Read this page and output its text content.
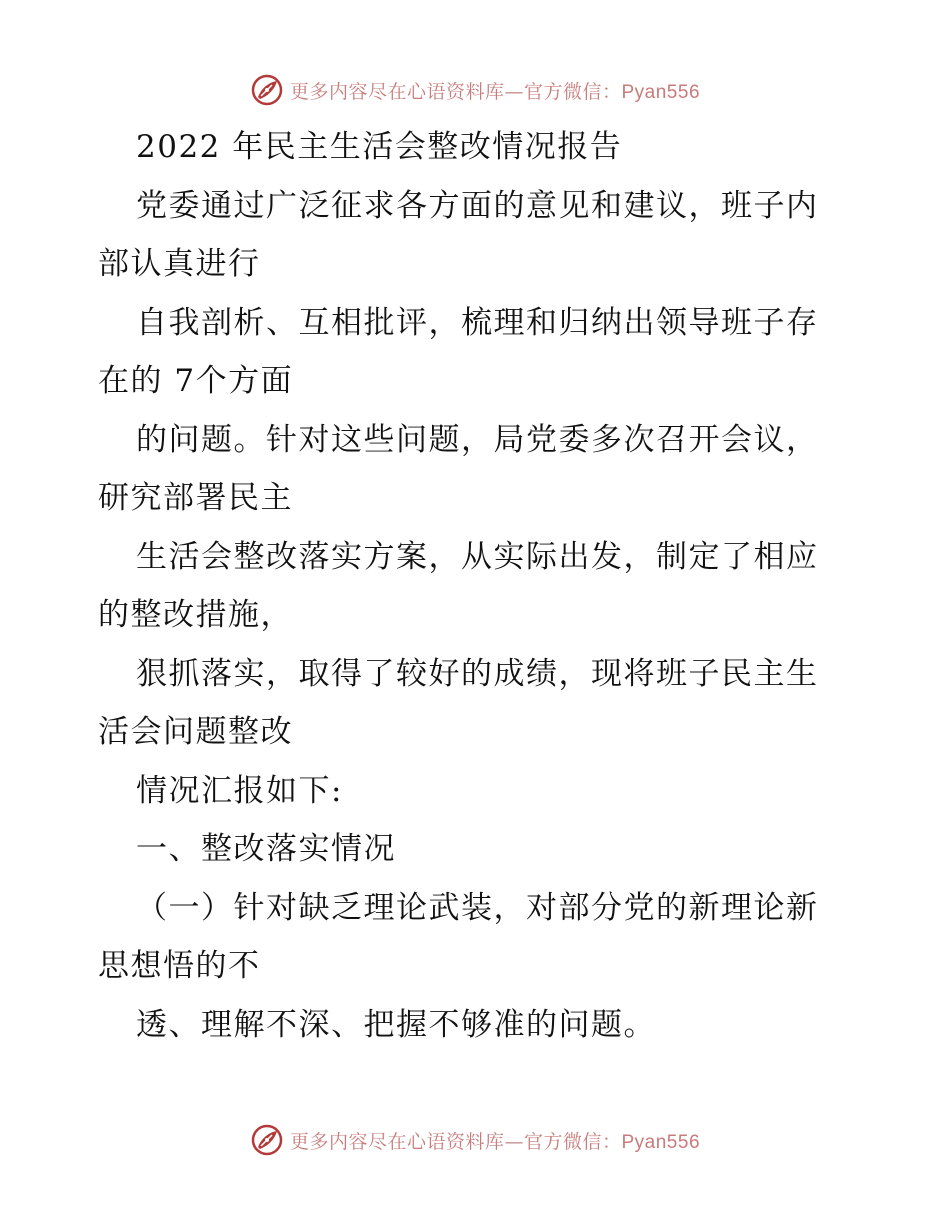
更多内容尽在心语资料库—官方微信：Pyan556
2022 年民主生活会整改情况报告
党委通过广泛征求各方面的意见和建议，班子内
部认真进行
自我剖析、互相批评，梳理和归纳出领导班子存
在的 7个方面
的问题。针对这些问题，局党委多次召开会议，
研究部署民主
生活会整改落实方案，从实际出发，制定了相应
的整改措施，
狠抓落实，取得了较好的成绩，现将班子民主生
活会问题整改
情况汇报如下:
一、整改落实情况
（一）针对缺乏理论武装，对部分党的新理论新
思想悟的不
透、理解不深、把握不够准的问题。
更多内容尽在心语资料库—官方微信：Pyan556
